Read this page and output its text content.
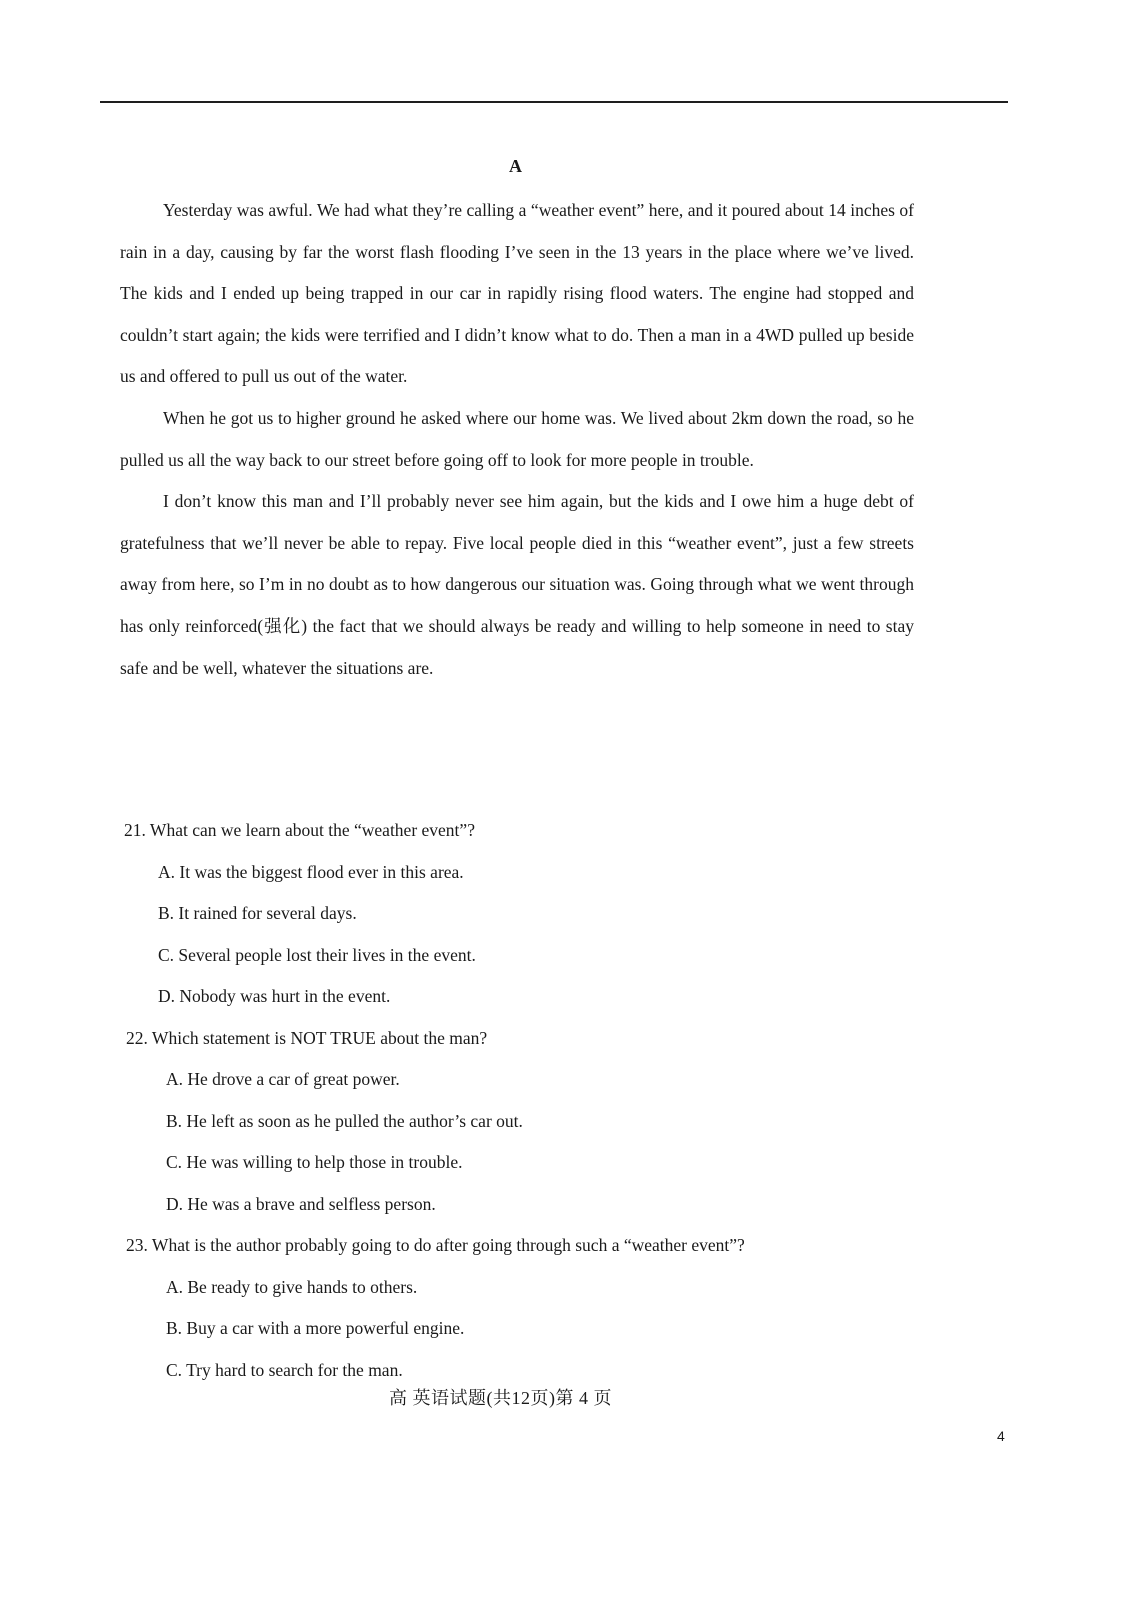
A

Yesterday was awful. We had what they’re calling a “weather event” here, and it poured about 14 inches of rain in a day, causing by far the worst flash flooding I’ve seen in the 13 years in the place where we’ve lived. The kids and I ended up being trapped in our car in rapidly rising flood waters. The engine had stopped and couldn’t start again; the kids were terrified and I didn’t know what to do. Then a man in a 4WD pulled up beside us and offered to pull us out of the water.

When he got us to higher ground he asked where our home was. We lived about 2km down the road, so he pulled us all the way back to our street before going off to look for more people in trouble.

I don’t know this man and I’ll probably never see him again, but the kids and I owe him a huge debt of gratefulness that we’ll never be able to repay. Five local people died in this “weather event”, just a few streets away from here, so I’m in no doubt as to how dangerous our situation was. Going through what we went through has only reinforced(强化) the fact that we should always be ready and willing to help someone in need to stay safe and be well, whatever the situations are.

21. What can we learn about the “weather event”?

A. It was the biggest flood ever in this area.
B. It rained for several days.
C. Several people lost their lives in the event.
D. Nobody was hurt in the event.

22. Which statement is NOT TRUE about the man?

A. He drove a car of great power.
B. He left as soon as he pulled the author’s car out.
C. He was willing to help those in trouble.
D. He was a brave and selfless person.

23. What is the author probably going to do after going through such a “weather event”?

A. Be ready to give hands to others.
B. Buy a car with a more powerful engine.
C. Try hard to search for the man.
高 英语试题(共12页)第 4 页
4
